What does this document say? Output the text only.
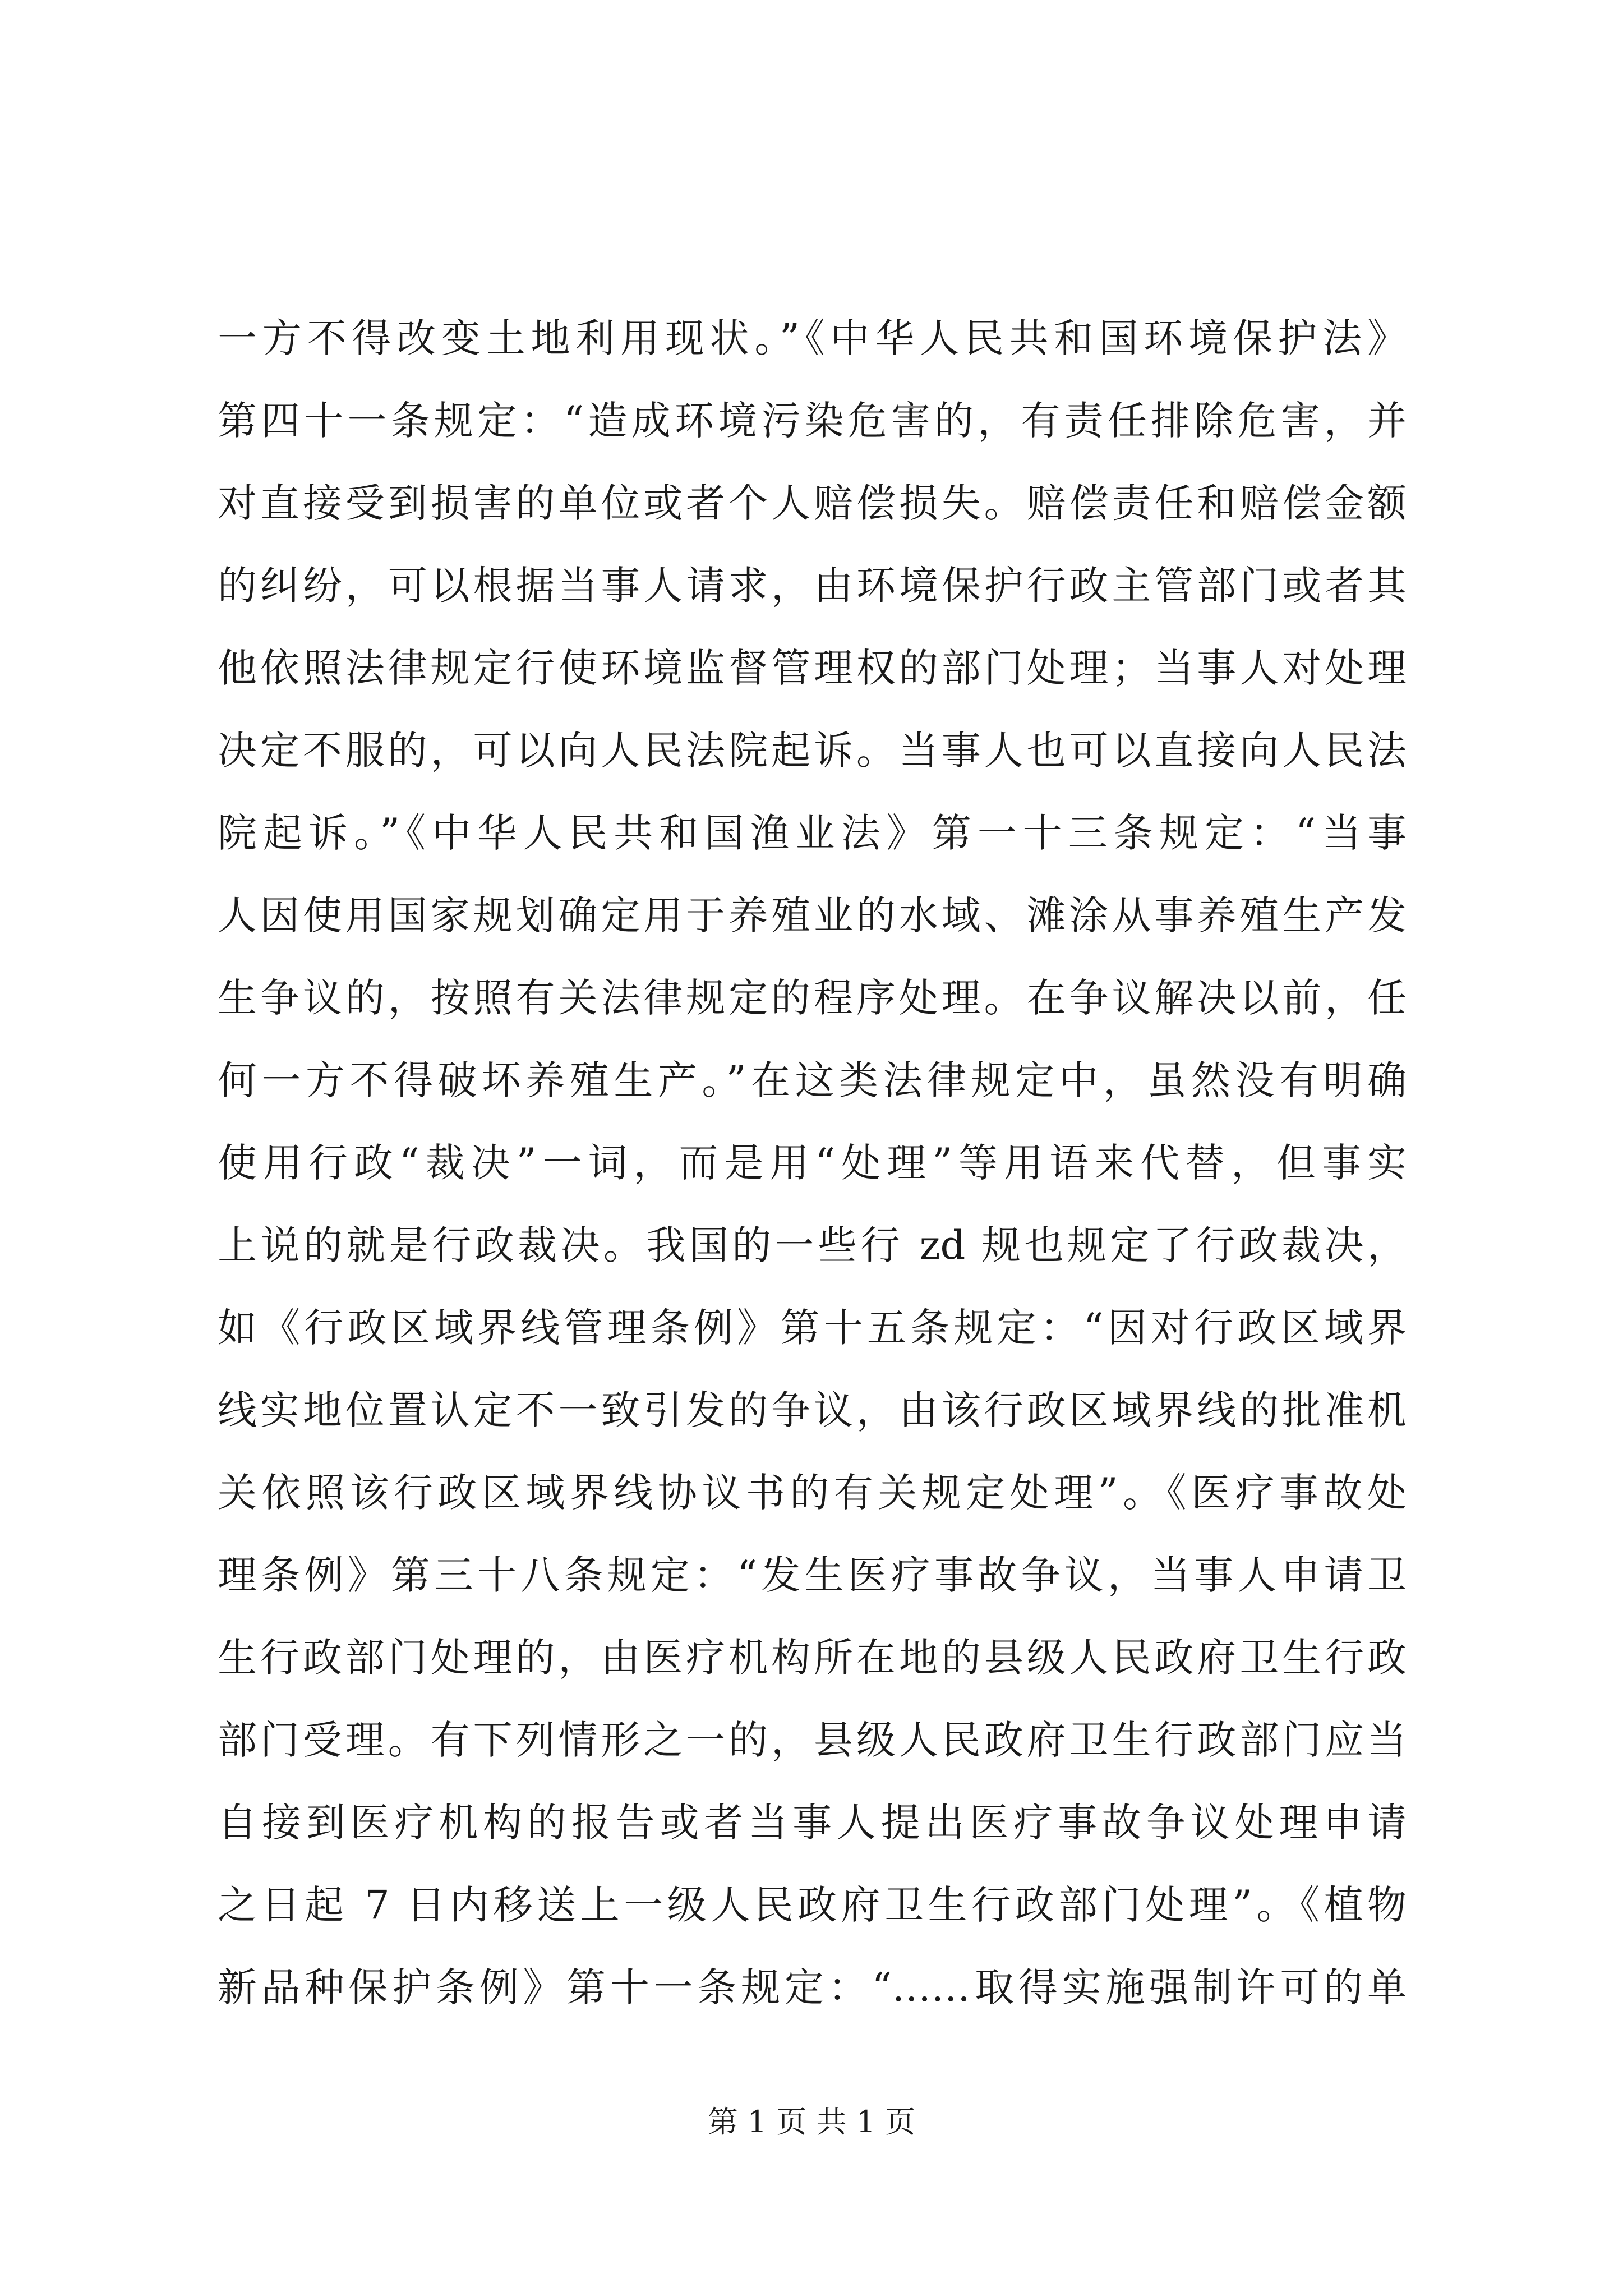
一方不得改变土地利用现状。”《中华人民共和国环境保护法》
第四十一条规定：“造成环境污染危害的，有责任排除危害，并
对直接受到损害的单位或者个人赔偿损失。赔偿责任和赔偿金额
的纠纷，可以根据当事人请求，由环境保护行政主管部门或者其
他依照法律规定行使环境监督管理权的部门处理；当事人对处理
决定不服的，可以向人民法院起诉。当事人也可以直接向人民法
院起诉。”《中华人民共和国渔业法》第一十三条规定：“当事
人因使用国家规划确定用于养殖业的水域、滩涂从事养殖生产发
生争议的，按照有关法律规定的程序处理。在争议解决以前，任
何一方不得破坏养殖生产。”在这类法律规定中，虽然没有明确
使用行政“裁决”一词，而是用“处理”等用语来代替，但事实
上说的就是行政裁决。我国的一些行 zd 规也规定了行政裁决，
如《行政区域界线管理条例》第十五条规定：“因对行政区域界
线实地位置认定不一致引发的争议，由该行政区域界线的批准机
关依照该行政区域界线协议书的有关规定处理”。《医疗事故处
理条例》第三十八条规定：“发生医疗事故争议，当事人申请卫
生行政部门处理的，由医疗机构所在地的县级人民政府卫生行政
部门受理。有下列情形之一的，县级人民政府卫生行政部门应当
自接到医疗机构的报告或者当事人提出医疗事故争议处理申请
之日起 7 日内移送上一级人民政府卫生行政部门处理”。《植物
新品种保护条例》第十一条规定：“……取得实施强制许可的单
第 1 页 共 1 页
